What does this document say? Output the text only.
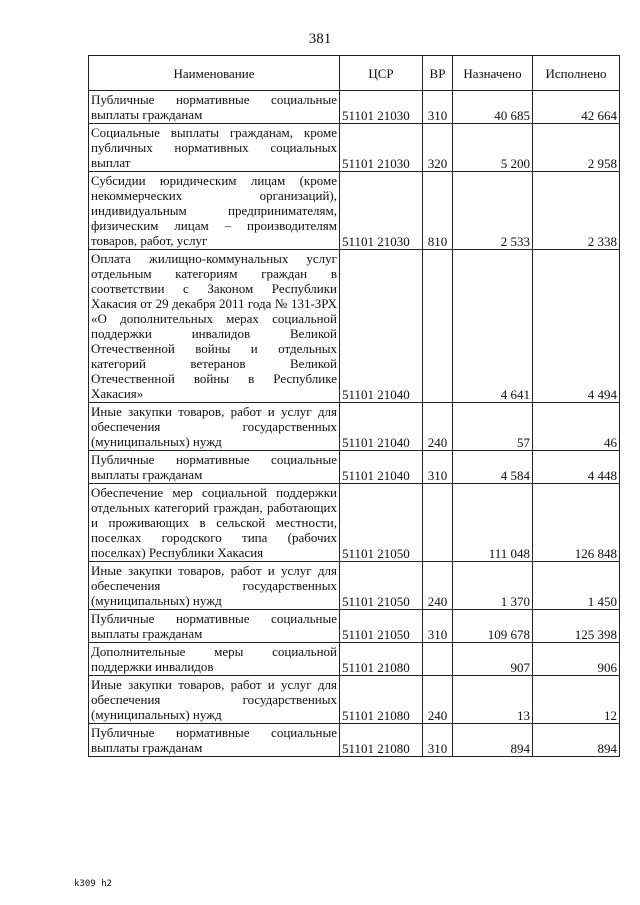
381
Наименование	ЦСР	ВР	Назначено	Исполнено
Публичные нормативные социальные выплаты гражданам	51101 21030	310	40 685	42 664
Социальные выплаты гражданам, кроме публичных нормативных социальных выплат	51101 21030	320	5 200	2 958
Субсидии юридическим лицам (кроме некоммерческих организаций), индивидуальным предпринимателям, физическим лицам – производителям товаров, работ, услуг	51101 21030	810	2 533	2 338
Оплата жилищно-коммунальных услуг отдельным категориям граждан в соответствии с Законом Республики Хакасия от 29 декабря 2011 года № 131-ЗРХ «О дополнительных мерах социальной поддержки инвалидов Великой Отечественной войны и отдельных категорий ветеранов Великой Отечественной войны в Республике Хакасия»	51101 21040		4 641	4 494
Иные закупки товаров, работ и услуг для обеспечения государственных (муниципальных) нужд	51101 21040	240	57	46
Публичные нормативные социальные выплаты гражданам	51101 21040	310	4 584	4 448
Обеспечение мер социальной поддержки отдельных категорий граждан, работающих и проживающих в сельской местности, поселках городского типа (рабочих поселках) Республики Хакасия	51101 21050		111 048	126 848
Иные закупки товаров, работ и услуг для обеспечения государственных (муниципальных) нужд	51101 21050	240	1 370	1 450
Публичные нормативные социальные выплаты гражданам	51101 21050	310	109 678	125 398
Дополнительные меры социальной поддержки инвалидов	51101 21080		907	906
Иные закупки товаров, работ и услуг для обеспечения государственных (муниципальных) нужд	51101 21080	240	13	12
Публичные нормативные социальные выплаты гражданам	51101 21080	310	894	894
k309 h2
